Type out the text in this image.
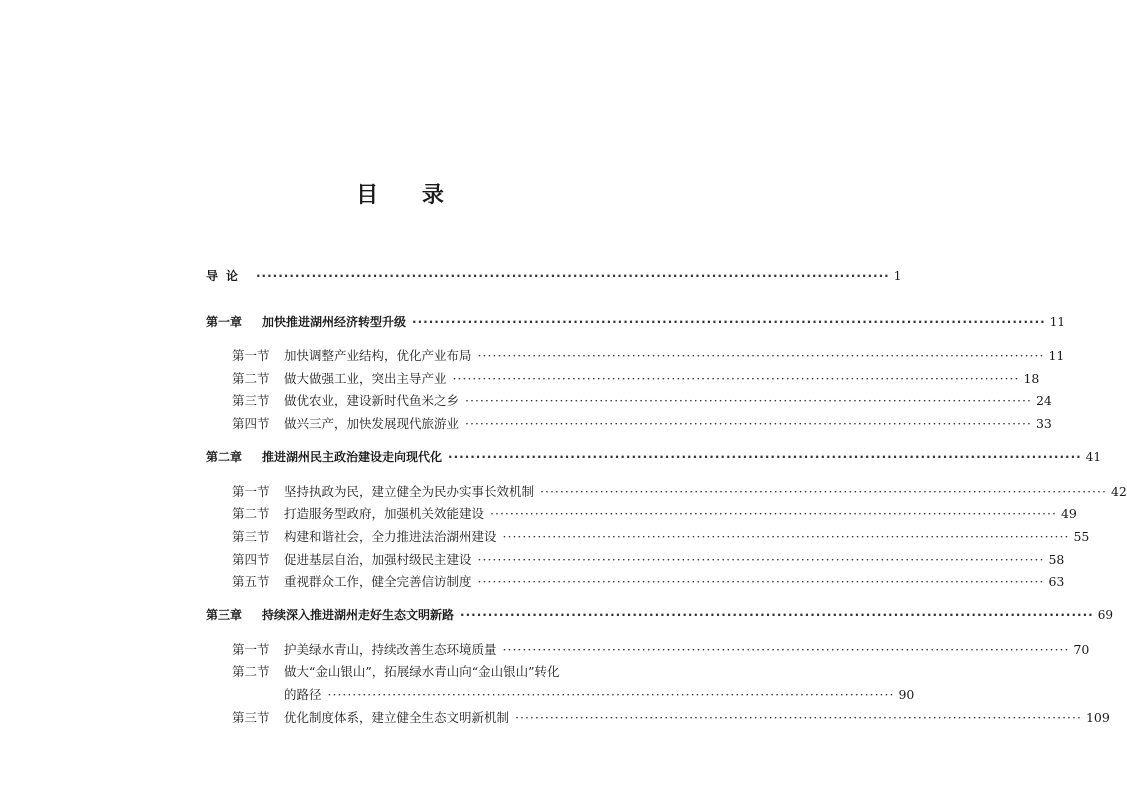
目 录
导论 ·················································································································· 1
第一章	加快推进湖州经济转型升级 ·················································································································· 11
第一节	加快调整产业结构，优化产业布局 ·················································································································· 11
第二节	做大做强工业，突出主导产业 ·················································································································· 18
第三节	做优农业，建设新时代鱼米之乡 ·················································································································· 24
第四节	做兴三产，加快发展现代旅游业 ·················································································································· 33
第二章	推进湖州民主政治建设走向现代化 ·················································································································· 41
第一节	坚持执政为民，建立健全为民办实事长效机制 ·················································································································· 42
第二节	打造服务型政府，加强机关效能建设 ·················································································································· 49
第三节	构建和谐社会，全力推进法治湖州建设 ·················································································································· 55
第四节	促进基层自治，加强村级民主建设 ·················································································································· 58
第五节	重视群众工作，健全完善信访制度 ·················································································································· 63
第三章	持续深入推进湖州走好生态文明新路 ·················································································································· 69
第一节	护美绿水青山，持续改善生态环境质量 ·················································································································· 70
第二节	做大“金山银山”，拓展绿水青山向“金山银山”转化
的路径 ·················································································································· 90
第三节	优化制度体系，建立健全生态文明新机制 ·················································································································· 109
